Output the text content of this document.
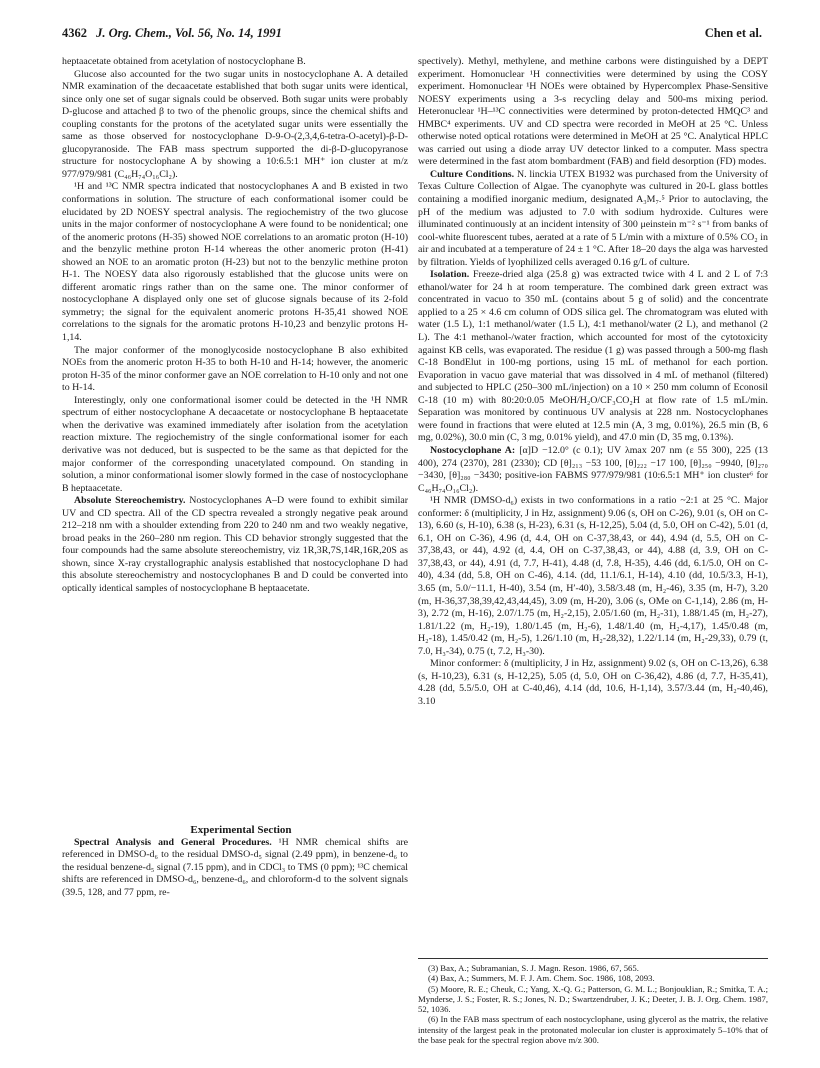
4362 J. Org. Chem., Vol. 56, No. 14, 1991	Chen et al.

heptaacetate obtained from acetylation of nostocyclophane B.

Glucose also accounted for the two sugar units in nostocyclophane A. A detailed NMR examination of the decaacetate established that both sugar units were identical, since only one set of sugar signals could be observed. Both sugar units were probably D-glucose and attached β to two of the phenolic groups, since the chemical shifts and coupling constants for the protons of the acetylated sugar units were essentially the same as those observed for nostocyclophane D-9-O-(2,3,4,6-tetra-O-acetyl)-β-D-glucopyranoside. The FAB mass spectrum supported the di-β-D-glucopyranose structure for nostocyclophane A by showing a 10:6.5:1 MH⁺ ion cluster at m/z 977/979/981 (C₄₆H₇₄O₁₆Cl₂).

¹H and ¹³C NMR spectra indicated that nostocyclophanes A and B existed in two conformations in solution. The structure of each conformational isomer could be elucidated by 2D NOESY spectral analysis. The regiochemistry of the two glucose units in the major conformer of nostocyclophane A were found to be nonidentical; one of the anomeric protons (H-35) showed NOE correlations to an aromatic proton (H-10) and the benzylic methine proton H-14 whereas the other anomeric proton (H-41) showed an NOE to an aromatic proton (H-23) but not to the benzylic methine proton H-1. The NOESY data also rigorously established that the glucose units were on different aromatic rings rather than on the same one. The minor conformer of nostocyclophane A displayed only one set of glucose signals because of its 2-fold symmetry; the signal for the equivalent anomeric protons H-35,41 showed NOE correlations to the signals for the aromatic protons H-10,23 and benzylic protons H-1,14.

The major conformer of the monoglycoside nostocyclophane B also exhibited NOEs from the anomeric proton H-35 to both H-10 and H-14; however, the anomeric proton H-35 of the minor conformer gave an NOE correlation to H-10 only and not one to H-14.

Interestingly, only one conformational isomer could be detected in the ¹H NMR spectrum of either nostocyclophane A decaacetate or nostocyclophane B heptaacetate when the derivative was examined immediately after isolation from the acetylation reaction mixture. The regiochemistry of the single conformational isomer for each derivative was not deduced, but is suspected to be the same as that depicted for the major conformer of the corresponding unacetylated compound. On standing in solution, a minor conformational isomer slowly formed in the case of nostocyclophane B heptaacetate.

Absolute Stereochemistry. Nostocyclophanes A–D were found to exhibit similar UV and CD spectra. All of the CD spectra revealed a strongly negative peak around 212–218 nm with a shoulder extending from 220 to 240 nm and two weakly negative, broad peaks in the 260–280 nm region. This CD behavior strongly suggested that the four compounds had the same absolute stereochemistry, viz 1R,3R,7S,14R,16R,20S as shown, since X-ray crystallographic analysis established that nostocyclophane D had this absolute stereochemistry and nostocyclophanes B and D could be converted into optically identical samples of nostocyclophane B heptaacetate.

Experimental Section

Spectral Analysis and General Procedures. ¹H NMR chemical shifts are referenced in DMSO-d₆ to the residual DMSO-d₅ signal (2.49 ppm), in benzene-d₆ to the residual benzene-d₅ signal (7.15 ppm), and in CDCl₃ to TMS (0 ppm); ¹³C chemical shifts are referenced in DMSO-d₆, benzene-d₆, and chloroform-d to the solvent signals (39.5, 128, and 77 ppm, re-

spectively). Methyl, methylene, and methine carbons were distinguished by a DEPT experiment. Homonuclear ¹H connectivities were determined by using the COSY experiment. Homonuclear ¹H NOEs were obtained by Hypercomplex Phase-Sensitive NOESY experiments using a 3-s recycling delay and 500-ms mixing period. Heteronuclear ¹H–¹³C connectivities were determined by proton-detected HMQC³ and HMBC⁴ experiments. UV and CD spectra were recorded in MeOH at 25 °C. Unless otherwise noted optical rotations were determined in MeOH at 25 °C. Analytical HPLC was carried out using a diode array UV detector linked to a computer. Mass spectra were determined in the fast atom bombardment (FAB) and field desorption (FD) modes.

Culture Conditions. N. linckia UTEX B1932 was purchased from the University of Texas Culture Collection of Algae. The cyanophyte was cultured in 20-L glass bottles containing a modified inorganic medium, designated A₃M₇.⁵ Prior to autoclaving, the pH of the medium was adjusted to 7.0 with sodium hydroxide. Cultures were illuminated continuously at an incident intensity of 300 μeinstein m⁻² s⁻¹ from banks of cool-white fluorescent tubes, aerated at a rate of 5 L/min with a mixture of 0.5% CO₂ in air and incubated at a temperature of 24 ± 1 °C. After 18–20 days the alga was harvested by filtration. Yields of lyophilized cells averaged 0.16 g/L of culture.

Isolation. Freeze-dried alga (25.8 g) was extracted twice with 4 L and 2 L of 7:3 ethanol/water for 24 h at room temperature. The combined dark green extract was concentrated in vacuo to 350 mL (contains about 5 g of solid) and the concentrate applied to a 25 × 4.6 cm column of ODS silica gel. The chromatogram was eluted with water (1.5 L), 1:1 methanol/water (1.5 L), 4:1 methanol/water (2 L), and methanol (2 L). The 4:1 methanol-/water fraction, which accounted for most of the cytotoxicity against KB cells, was evaporated. The residue (1 g) was passed through a 500-mg flash C-18 BondElut in 100-mg portions, using 15 mL of methanol for each portion. Evaporation in vacuo gave material that was dissolved in 4 mL of methanol (filtered) and subjected to HPLC (250–300 mL/injection) on a 10 × 250 mm column of Econosil C-18 (10 m) with 80:20:0.05 MeOH/H₂O/CF₃CO₂H at flow rate of 1.5 mL/min. Separation was monitored by continuous UV analysis at 228 nm. Nostocyclophanes were found in fractions that were eluted at 12.5 min (A, 3 mg, 0.01%), 26.5 min (B, 6 mg, 0.02%), 30.0 min (C, 3 mg, 0.01% yield), and 47.0 min (D, 35 mg, 0.13%).

Nostocyclophane A: [α]D −12.0° (c 0.1); UV λmax 207 nm (ε 55 300), 225 (13 400), 274 (2370), 281 (2330); CD [θ]₂₁₃ −53 100, [θ]₂₂₂ −17 100, [θ]₂₅₀ −9940, [θ]₂₇₀ −3430, [θ]₂₈₀ −3430; positive-ion FABMS 977/979/981 (10:6.5:1 MH⁺ ion cluster⁶ for C₄₆H₇₄O₁₆Cl₂).

¹H NMR (DMSO-d₆) exists in two conformations in a ratio ~2:1 at 25 °C. Major conformer: δ (multiplicity, J in Hz, assignment) 9.06 (s, OH on C-26), 9.01 (s, OH on C-13), 6.60 (s, H-10), 6.38 (s, H-23), 6.31 (s, H-12,25), 5.04 (d, 5.0, OH on C-42), 5.01 (d, 6.1, OH on C-36), 4.96 (d, 4.4, OH on C-37,38,43, or 44), 4.94 (d, 5.5, OH on C-37,38,43, or 44), 4.92 (d, 4.4, OH on C-37,38,43, or 44), 4.88 (d, 3.9, OH on C-37,38,43, or 44), 4.91 (d, 7.7, H-41), 4.48 (d, 7.8, H-35), 4.46 (dd, 6.1/5.0, OH on C-40), 4.34 (dd, 5.8, OH on C-46), 4.14. (dd, 11.1/6.1, H-14), 4.10 (dd, 10.5/3.3, H-1), 3.65 (m, 5.0/−11.1, H-40), 3.54 (m, H′-40), 3.58/3.48 (m, H₂-46), 3.35 (m, H-7), 3.20 (m, H-36,37,38,39,42,43,44,45), 3.09 (m, H-20), 3.06 (s, OMe on C-1,14), 2.86 (m, H-3), 2.72 (m, H-16), 2.07/1.75 (m, H₂-2,15), 2.05/1.60 (m, H₂-31), 1.88/1.45 (m, H₂-27), 1.81/1.22 (m, H₂-19), 1.80/1.45 (m, H₂-6), 1.48/1.40 (m, H₂-4,17), 1.45/0.48 (m, H₂-18), 1.45/0.42 (m, H₂-5), 1.26/1.10 (m, H₂-28,32), 1.22/1.14 (m, H₂-29,33), 0.79 (t, 7.0, H₃-34), 0.75 (t, 7.2, H₃-30).

Minor conformer: δ (multiplicity, J in Hz, assignment) 9.02 (s, OH on C-13,26), 6.38 (s, H-10,23), 6.31 (s, H-12,25), 5.05 (d, 5.0, OH on C-36,42), 4.86 (d, 7.7, H-35,41), 4.28 (dd, 5.5/5.0, OH at C-40,46), 4.14 (dd, 10.6, H-1,14), 3.57/3.44 (m, H₂-40,46), 3.10

(3) Bax, A.; Subramanian, S. J. Magn. Reson. 1986, 67, 565.

(4) Bax, A.; Summers, M. F. J. Am. Chem. Soc. 1986, 108, 2093.

(5) Moore, R. E.; Cheuk, C.; Yang, X.-Q. G.; Patterson, G. M. L.; Bonjouklian, R.; Smitka, T. A.; Mynderse, J. S.; Foster, R. S.; Jones, N. D.; Swartzendruber, J. K.; Deeter, J. B. J. Org. Chem. 1987, 52, 1036.

(6) In the FAB mass spectrum of each nostocyclophane, using glycerol as the matrix, the relative intensity of the largest peak in the protonated molecular ion cluster is approximately 5–10% that of the base peak for the spectral region above m/z 300.
